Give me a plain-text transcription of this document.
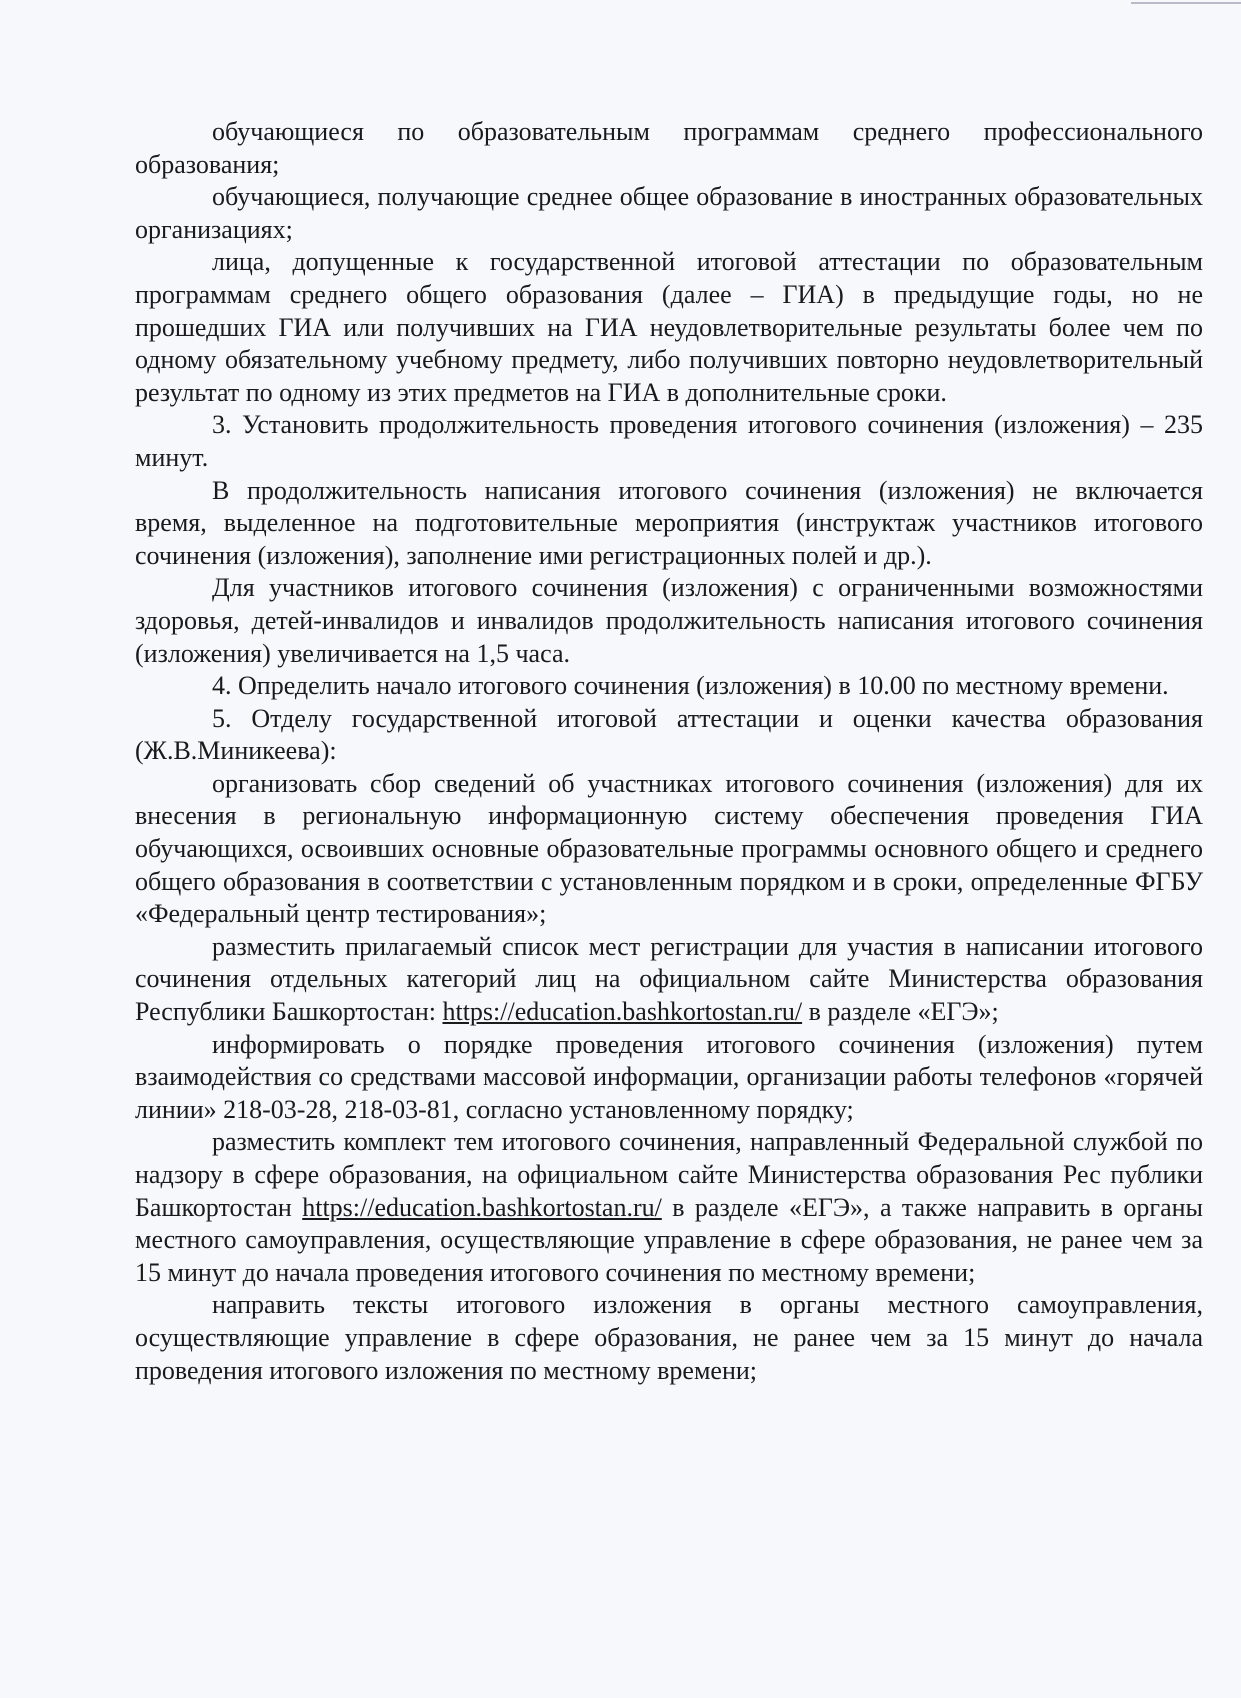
обучающиеся по образовательным программам среднего профессионального образования;

обучающиеся, получающие среднее общее образование в иностранных образовательных организациях;

лица, допущенные к государственной итоговой аттестации по образовательным программам среднего общего образования (далее – ГИА) в предыдущие годы, но не прошедших ГИА или получивших на ГИА неудовлетворительные результаты более чем по одному обязательному учебному предмету, либо получивших повторно неудовлетворительный результат по одному из этих предметов на ГИА в дополнительные сроки.

3. Установить продолжительность проведения итогового сочинения (изложения) – 235 минут.

В продолжительность написания итогового сочинения (изложения) не включается время, выделенное на подготовительные мероприятия (инструктаж участников итогового сочинения (изложения), заполнение ими регистрационных полей и др.).

Для участников итогового сочинения (изложения) с ограниченными возможностями здоровья, детей-инвалидов и инвалидов продолжительность написания итогового сочинения (изложения) увеличивается на 1,5 часа.

4. Определить начало итогового сочинения (изложения) в 10.00 по местному времени.

5. Отделу государственной итоговой аттестации и оценки качества образования (Ж.В.Миникеева):

организовать сбор сведений об участниках итогового сочинения (изложения) для их внесения в региональную информационную систему обеспечения проведения ГИА обучающихся, освоивших основные образовательные программы основного общего и среднего общего образования в соответствии с установленным порядком и в сроки, определенные ФГБУ «Федеральный центр тестирования»;

разместить прилагаемый список мест регистрации для участия в написании итогового сочинения отдельных категорий лиц на официальном сайте Министерства образования Республики Башкортостан: https://education.bashkortostan.ru/ в разделе «ЕГЭ»;

информировать о порядке проведения итогового сочинения (изложения) путем взаимодействия со средствами массовой информации, организации работы телефонов «горячей линии» 218-03-28, 218-03-81, согласно установленному порядку;

разместить комплект тем итогового сочинения, направленный Федеральной службой по надзору в сфере образования, на официальном сайте Министерства образования Рес публики Башкортостан https://education.bashkortostan.ru/ в разделе «ЕГЭ», а также направить в органы местного самоуправления, осуществляющие управление в сфере образования, не ранее чем за 15 минут до начала проведения итогового сочинения по местному времени;

направить тексты итогового изложения в органы местного самоуправления, осуществляющие управление в сфере образования, не ранее чем за 15 минут до начала проведения итогового изложения по местному времени;
